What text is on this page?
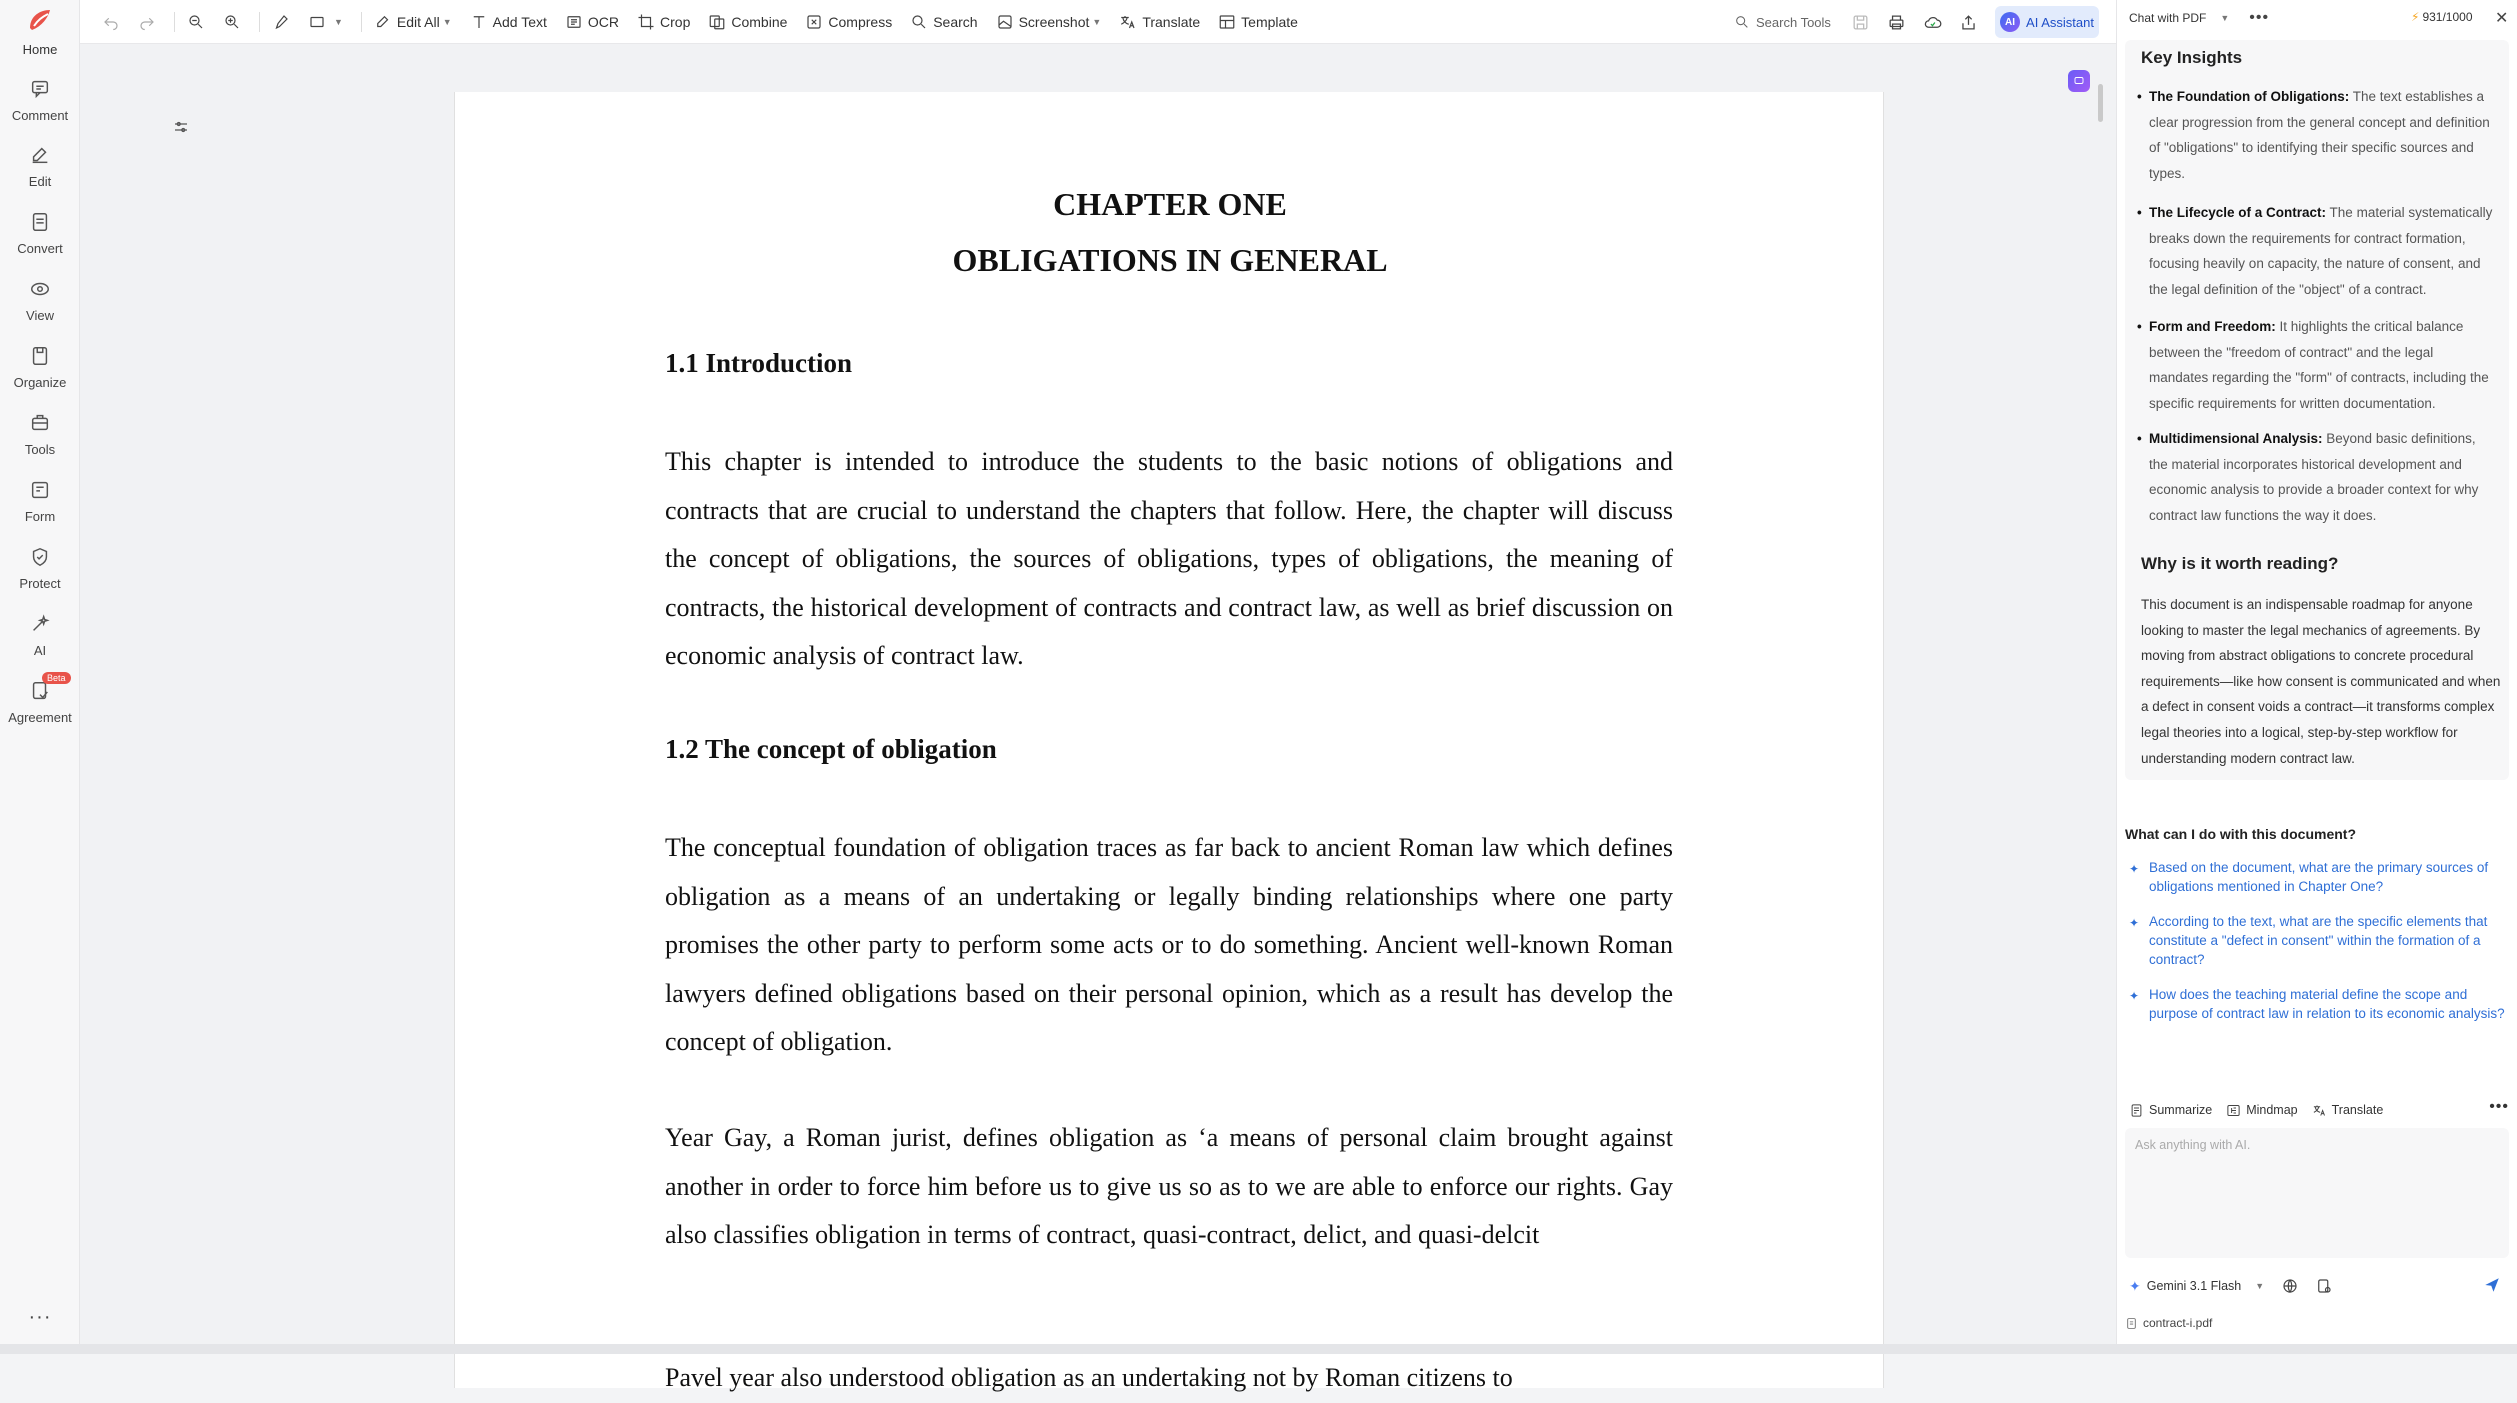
Home
Comment
Edit
Convert
View
Organize
Tools
Form
Protect
AI
Beta
Agreement
···
▼	Edit All ▼	Add Text	OCR	Crop	Combine	Compress	Search	Screenshot ▼	Translate	Template	Search Tools	AI AI Assistant
CHAPTER ONE
OBLIGATIONS IN GENERAL
1.1 Introduction
This chapter is intended to introduce the students to the basic notions of obligations and contracts that are crucial to understand the chapters that follow. Here, the chapter will discuss the concept of obligations, the sources of obligations, types of obligations, the meaning of contracts, the historical development of contracts and contract law, as well as brief discussion on economic analysis of contract law.
1.2 The concept of obligation
The conceptual foundation of obligation traces as far back to ancient Roman law which defines obligation as a means of an undertaking or legally binding relationships where one party promises the other party to perform some acts or to do something. Ancient well-known Roman lawyers defined obligations based on their personal opinion, which as a result has develop the concept of obligation.
Year Gay, a Roman jurist, defines obligation as ‘a means of personal claim brought against another in order to force him before us to give us so as to we are able to enforce our rights. Gay also classifies obligation in terms of contract, quasi-contract, delict, and quasi-delcit
Pavel year also understood obligation as an undertaking not by Roman citizens to
Chat with PDF ▼ •••	⚡ 931/1000 ✕
Key Insights
• The Foundation of Obligations: The text establishes a clear progression from the general concept and definition of "obligations" to identifying their specific sources and types.
• The Lifecycle of a Contract: The material systematically breaks down the requirements for contract formation, focusing heavily on capacity, the nature of consent, and the legal definition of the "object" of a contract.
• Form and Freedom: It highlights the critical balance between the "freedom of contract" and the legal mandates regarding the "form" of contracts, including the specific requirements for written documentation.
• Multidimensional Analysis: Beyond basic definitions, the material incorporates historical development and economic analysis to provide a broader context for why contract law functions the way it does.
Why is it worth reading?
This document is an indispensable roadmap for anyone looking to master the legal mechanics of agreements. By moving from abstract obligations to concrete procedural requirements—like how consent is communicated and when a defect in consent voids a contract—it transforms complex legal theories into a logical, step-by-step workflow for understanding modern contract law.
What can I do with this document?
✦ Based on the document, what are the primary sources of obligations mentioned in Chapter One?
✦ According to the text, what are the specific elements that constitute a "defect in consent" within the formation of a contract?
✦ How does the teaching material define the scope and purpose of contract law in relation to its economic analysis?
Summarize	Mindmap	Translate	•••
Ask anything with AI.
✦ Gemini 3.1 Flash ▼
contract-i.pdf
